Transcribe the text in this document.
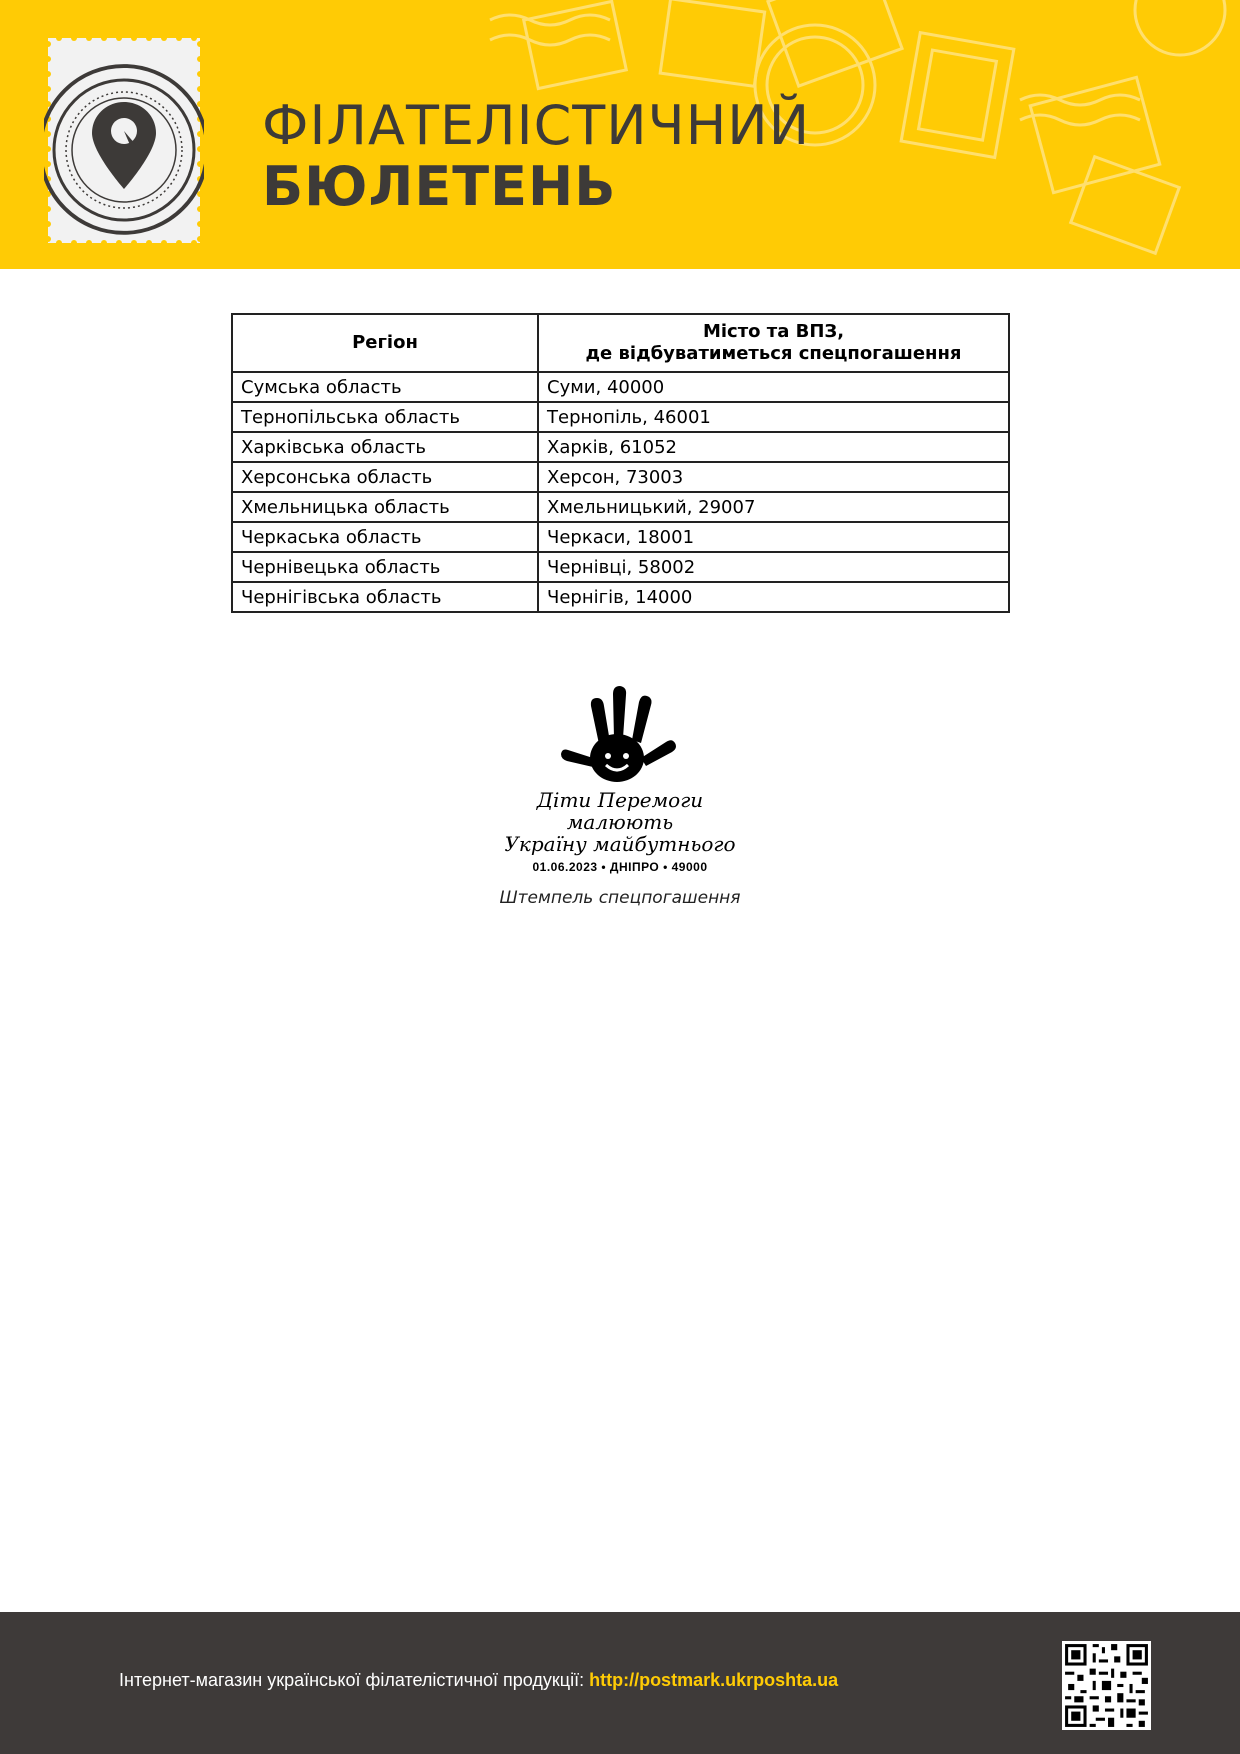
ФІЛАТЕЛІСТИЧНИЙ
БЮЛЕТЕНЬ
Регіон	Місто та ВПЗ,
де відбуватиметься спецпогашення
Сумська область	Суми, 40000
Тернопільська область	Тернопіль, 46001
Харківська область	Харків, 61052
Херсонська область	Херсон, 73003
Хмельницька область	Хмельницький, 29007
Черкаська область	Черкаси, 18001
Чернівецька область	Чернівці, 58002
Чернігівська область	Чернігів, 14000
Діти Перемоги
малюють
Україну майбутнього
01.06.2023 • ДНІПРО • 49000
Штемпель спецпогашення
Інтернет-магазин української філателістичної продукції: http://postmark.ukrposhta.ua
